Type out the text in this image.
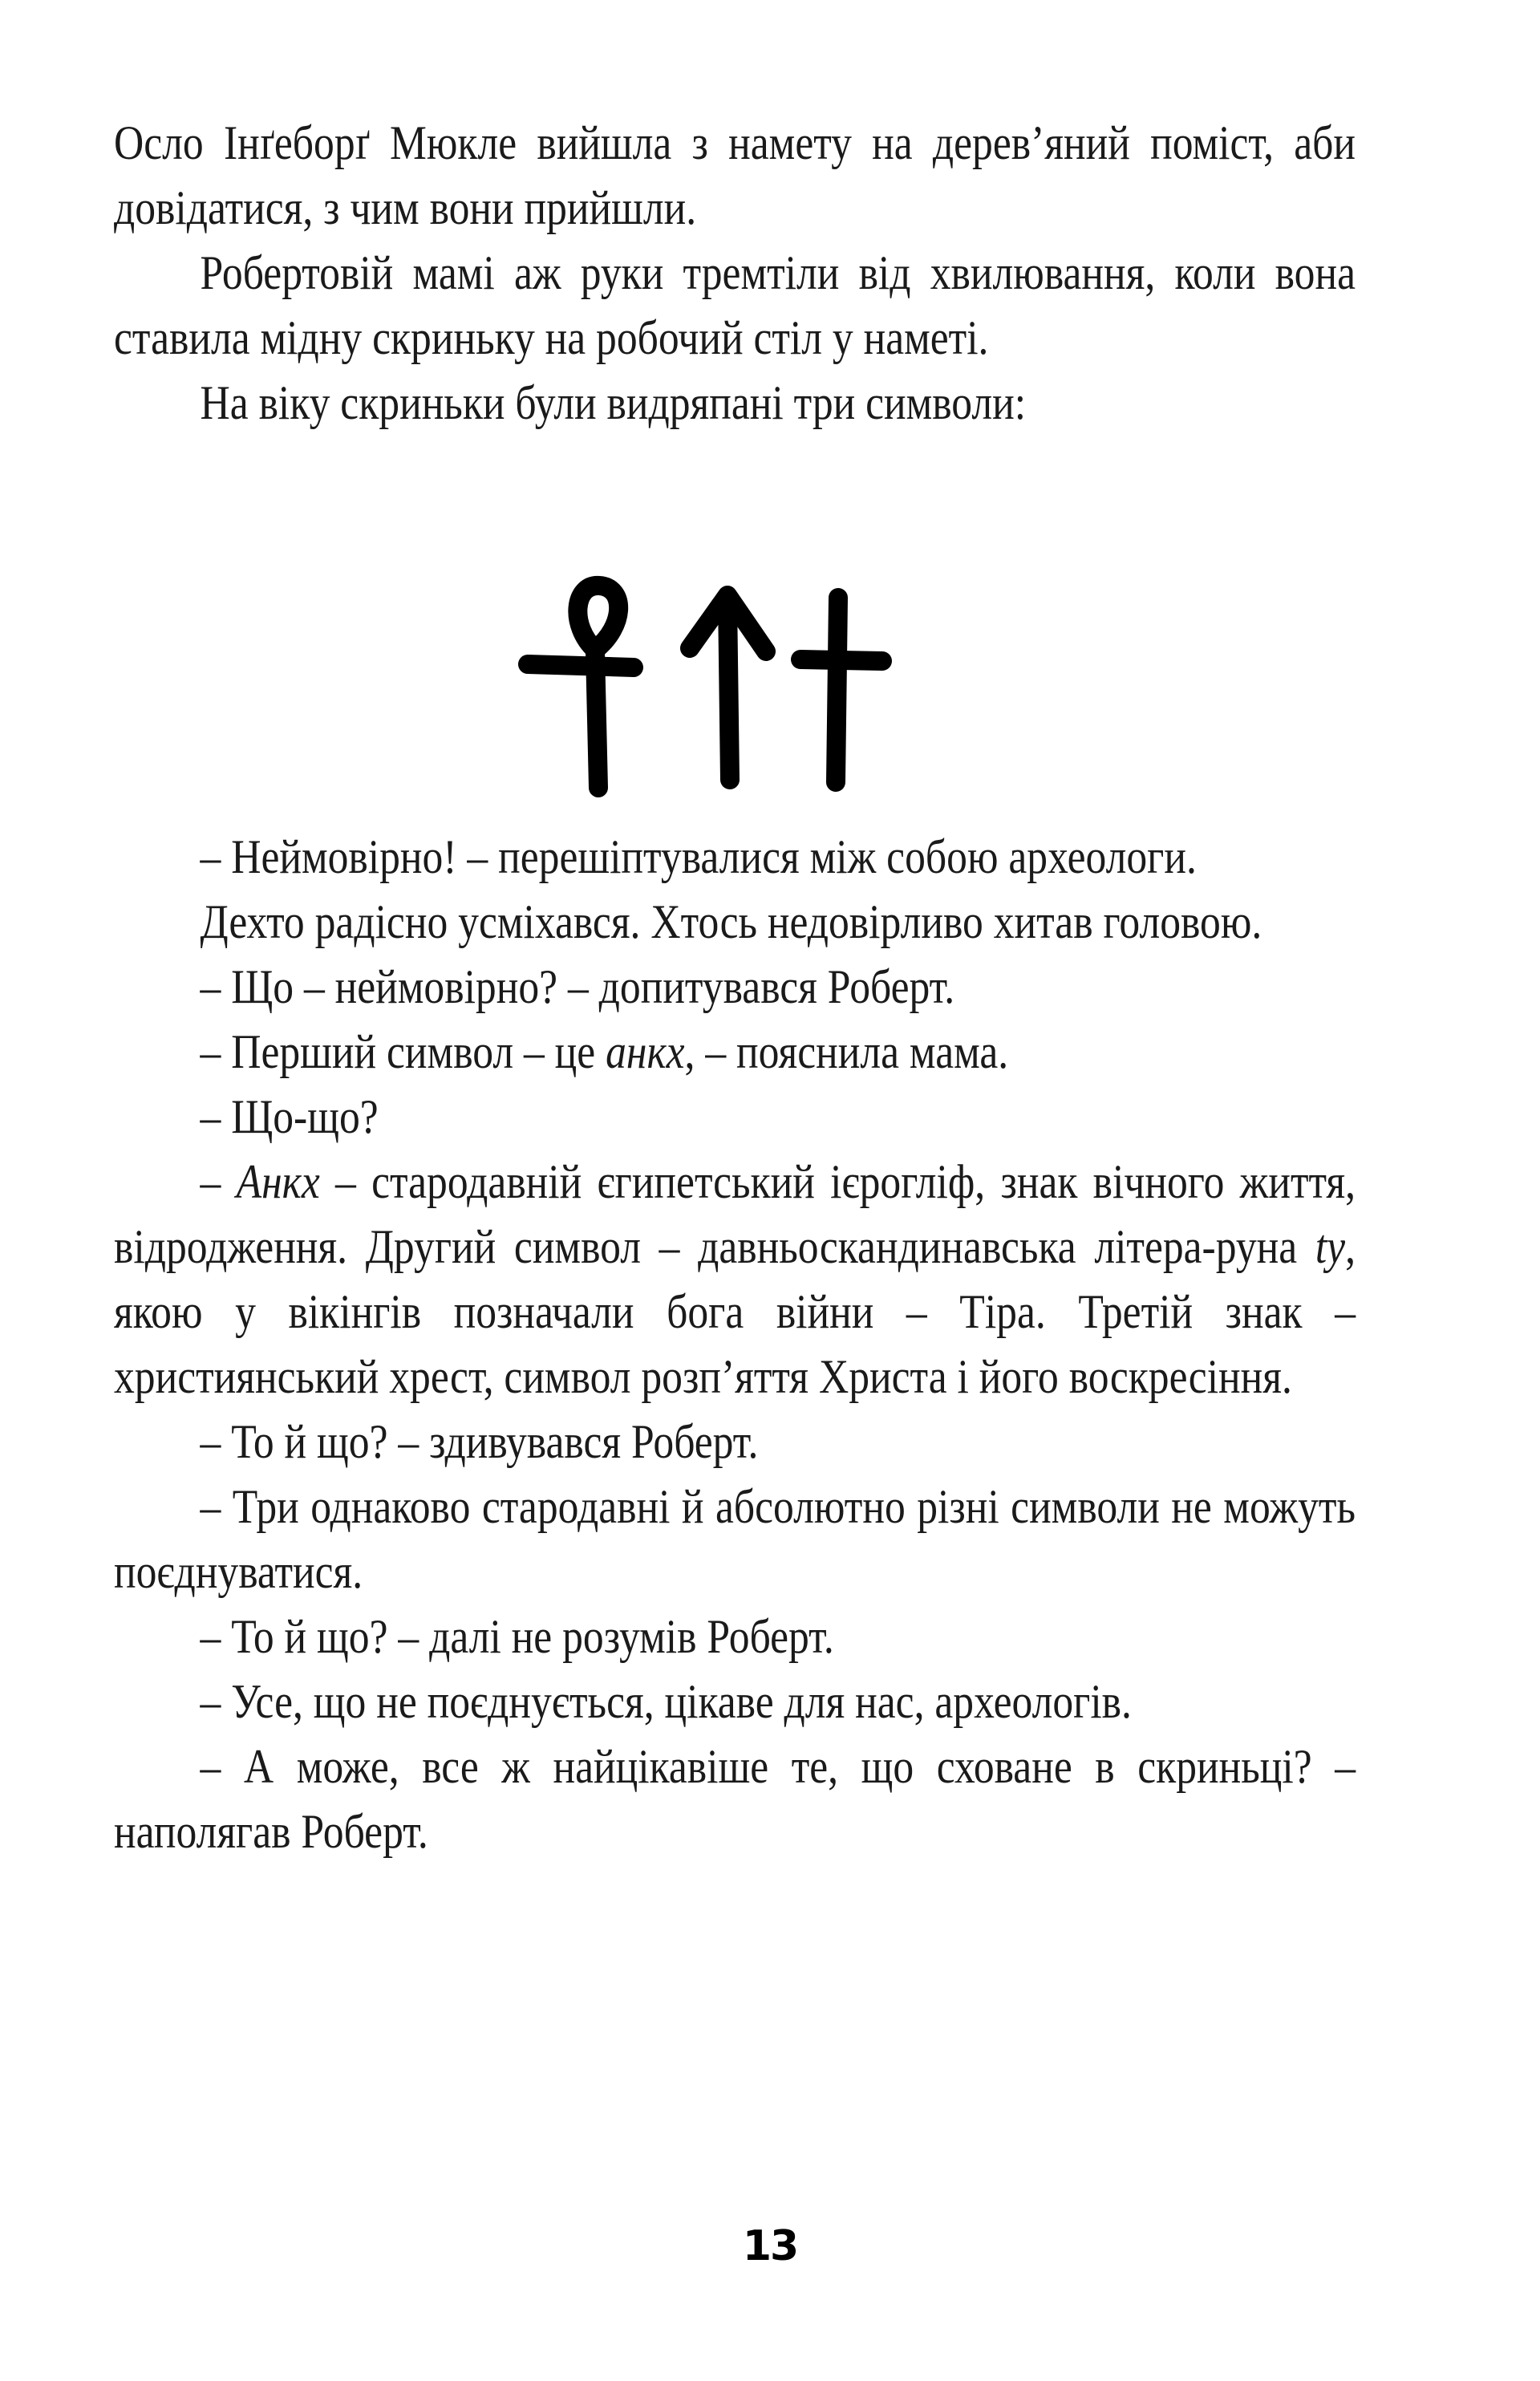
Осло Інґеборґ Мюкле вийшла з намету на дерев’яний поміст, аби довідатися, з чим вони прийшли.

Робертовій мамі аж руки тремтіли від хвилювання, коли вона ставила мідну скриньку на робочий стіл у наметі.

На віку скриньки були видряпані три символи:

– Неймовірно! – перешіптувалися між собою археологи.

Дехто радісно усміхався. Хтось недовірливо хитав головою.

– Що – неймовірно? – допитувався Роберт.

– Перший символ – це анкх, – пояснила мама.

– Що-що?

– Анкх – стародавній єгипетський ієрогліф, знак вічного життя, відродження. Другий символ – давньоскандинавська літера-руна ty, якою у вікінгів позначали бога війни – Тіра. Третій знак – християнський хрест, символ розп’яття Христа і його воскресіння.

– То й що? – здивувався Роберт.

– Три однаково стародавні й абсолютно різні символи не можуть поєднуватися.

– То й що? – далі не розумів Роберт.

– Усе, що не поєднується, цікаве для нас, археологів.

– А може, все ж найцікавіше те, що сховане в скриньці? – наполягав Роберт.

13
